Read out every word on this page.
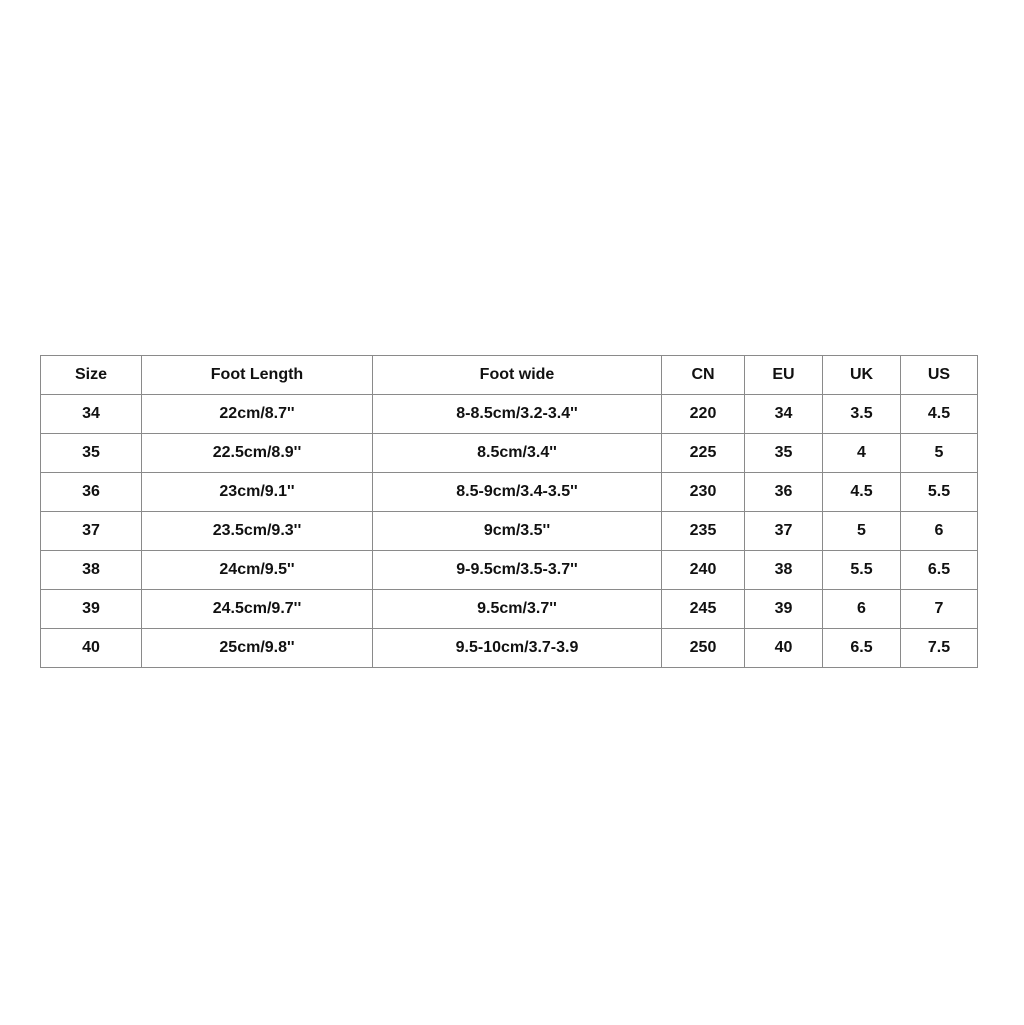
Size	Foot Length	Foot wide	CN	EU	UK	US
34	22cm/8.7''	8-8.5cm/3.2-3.4''	220	34	3.5	4.5
35	22.5cm/8.9''	8.5cm/3.4''	225	35	4	5
36	23cm/9.1''	8.5-9cm/3.4-3.5''	230	36	4.5	5.5
37	23.5cm/9.3''	9cm/3.5''	235	37	5	6
38	24cm/9.5''	9-9.5cm/3.5-3.7''	240	38	5.5	6.5
39	24.5cm/9.7''	9.5cm/3.7''	245	39	6	7
40	25cm/9.8''	9.5-10cm/3.7-3.9	250	40	6.5	7.5
